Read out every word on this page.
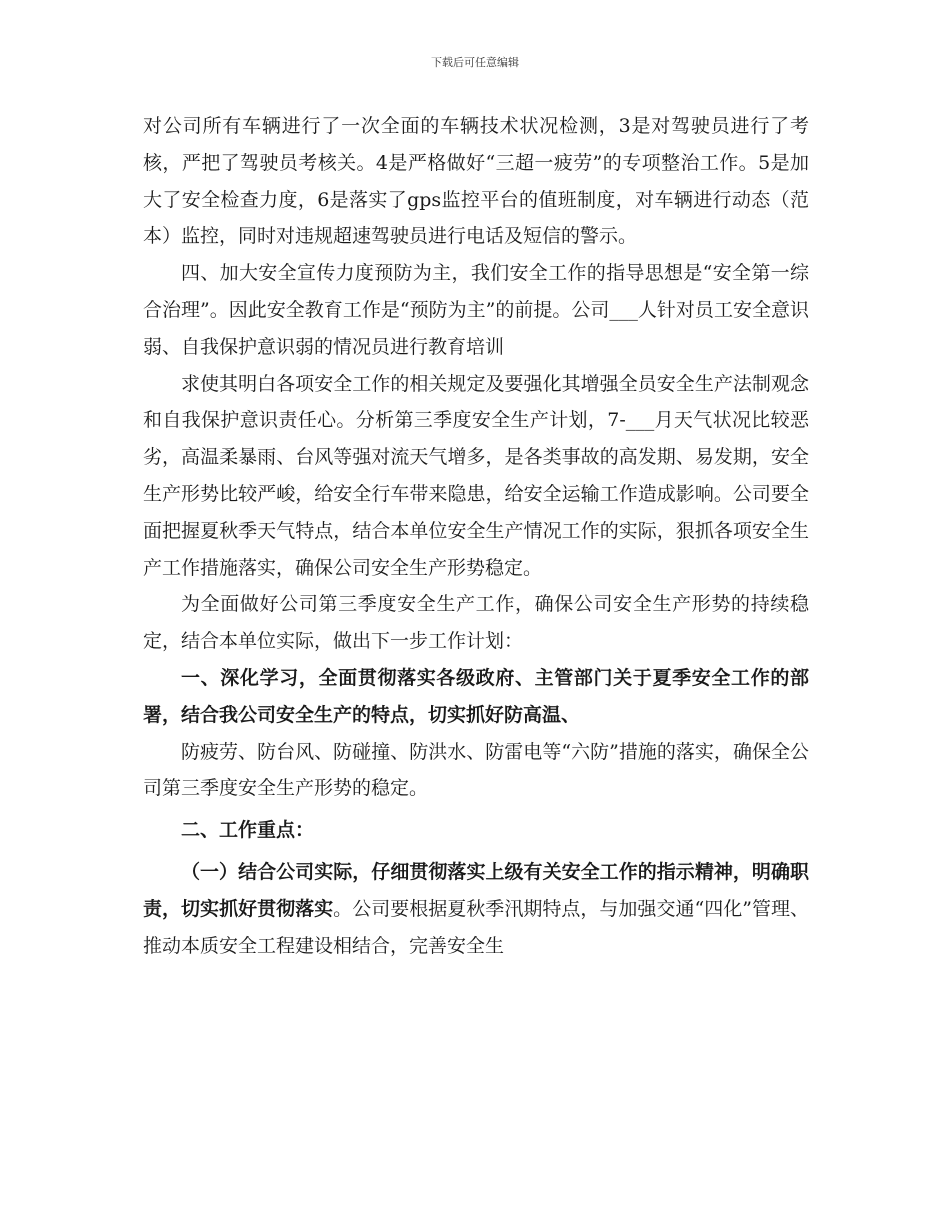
下载后可任意编辑

对公司所有车辆进行了一次全面的车辆技术状况检测，3是对驾驶员进行了考核，严把了驾驶员考核关。4是严格做好“三超一疲劳”的专项整治工作。5是加大了安全检查力度，6是落实了gps监控平台的值班制度，对车辆进行动态（范本）监控，同时对违规超速驾驶员进行电话及短信的警示。

四、加大安全宣传力度预防为主，我们安全工作的指导思想是“安全第一综合治理”。因此安全教育工作是“预防为主”的前提。公司___人针对员工安全意识弱、自我保护意识弱的情况员进行教育培训

求使其明白各项安全工作的相关规定及要强化其增强全员安全生产法制观念和自我保护意识责任心。分析第三季度安全生产计划，7-___月天气状况比较恶劣，高温柔暴雨、台风等强对流天气增多，是各类事故的高发期、易发期，安全生产形势比较严峻，给安全行车带来隐患，给安全运输工作造成影响。公司要全面把握夏秋季天气特点，结合本单位安全生产情况工作的实际，狠抓各项安全生产工作措施落实，确保公司安全生产形势稳定。

为全面做好公司第三季度安全生产工作，确保公司安全生产形势的持续稳定，结合本单位实际，做出下一步工作计划：

一、深化学习，全面贯彻落实各级政府、主管部门关于夏季安全工作的部署，结合我公司安全生产的特点，切实抓好防高温、

防疲劳、防台风、防碰撞、防洪水、防雷电等“六防”措施的落实，确保全公司第三季度安全生产形势的稳定。

二、工作重点：

（一）结合公司实际，仔细贯彻落实上级有关安全工作的指示精神，明确职责，切实抓好贯彻落实。公司要根据夏秋季汛期特点，与加强交通“四化”管理、推动本质安全工程建设相结合，完善安全生
